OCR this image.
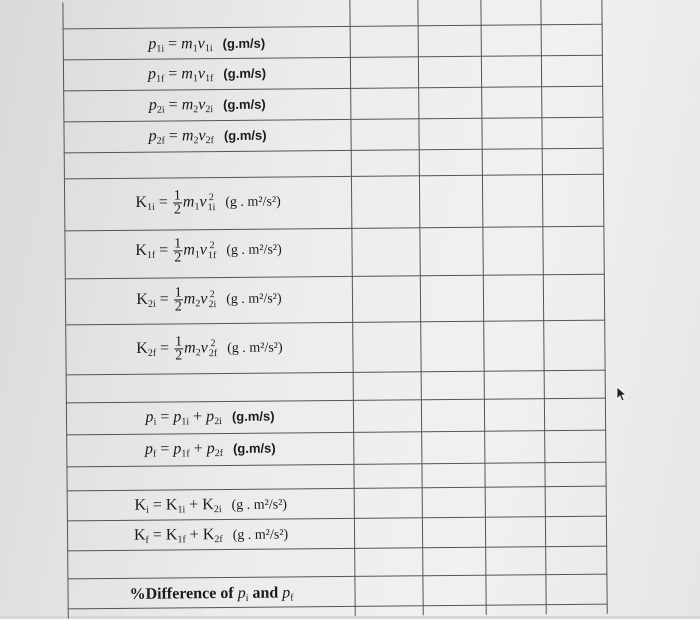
$p_{1i} = m_1v_{1i}$ (g.m/s)
$p_{1f} = m_1v_{1f}$ (g.m/s)
$p_{2i} = m_2v_{2i}$ (g.m/s)
$p_{2f} = m_2v_{2f}$ (g.m/s)
$K_{1i} = \frac{1}{2} m_1v$ 2
1i (g . m²/s²)
$K_{1f} = \frac{1}{2} m_1v$ 2
1f (g . m²/s²)
$K_{2i} = \frac{1}{2} m_2v$ 2
2i (g . m²/s²)
$K_{2f} = \frac{1}{2} m_2v$ 2
2f (g . m²/s²)
$p_i = p_{1i} + p_{2i}$ (g.m/s)
$p_f = p_{1f} + p_{2f}$ (g.m/s)
$K_i = K_{1i} + K_{2i}$ (g . m²/s²)
$K_f = K_{1f} + K_{2f}$ (g . m²/s²)
%Difference of $p_i$ and $p_f$
